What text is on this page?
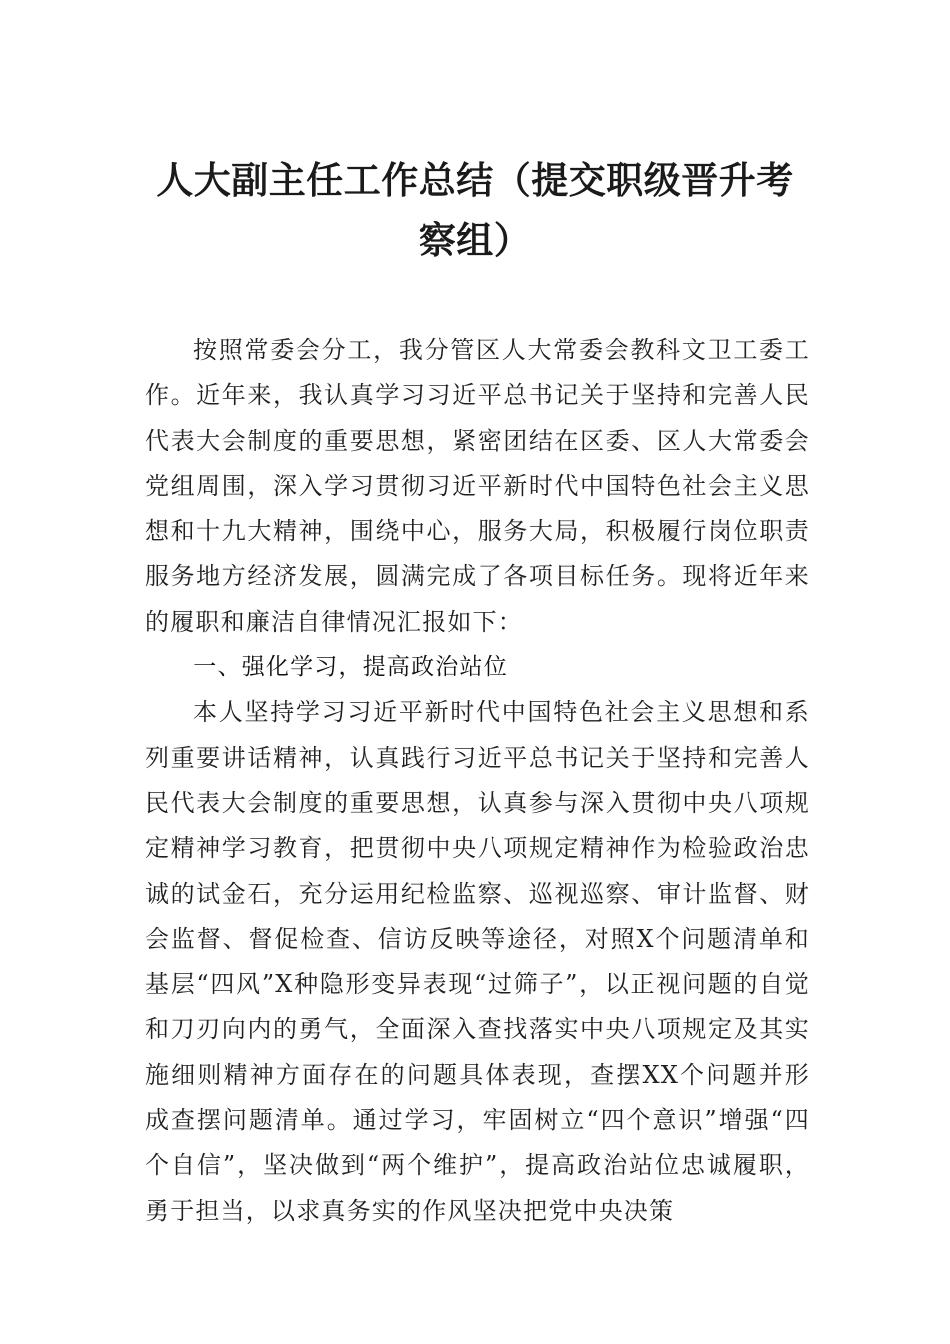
人大副主任工作总结（提交职级晋升考察组）

按照常委会分工，我分管区人大常委会教科文卫工委工作。近年来，我认真学习习近平总书记关于坚持和完善人民代表大会制度的重要思想，紧密团结在区委、区人大常委会党组周围，深入学习贯彻习近平新时代中国特色社会主义思想和十九大精神，围绕中心，服务大局，积极履行岗位职责服务地方经济发展，圆满完成了各项目标任务。现将近年来的履职和廉洁自律情况汇报如下：

一、强化学习，提高政治站位

本人坚持学习习近平新时代中国特色社会主义思想和系列重要讲话精神，认真践行习近平总书记关于坚持和完善人民代表大会制度的重要思想，认真参与深入贯彻中央八项规定精神学习教育，把贯彻中央八项规定精神作为检验政治忠诚的试金石，充分运用纪检监察、巡视巡察、审计监督、财会监督、督促检查、信访反映等途径，对照X个问题清单和基层“四风”X种隐形变异表现“过筛子”，以正视问题的自觉和刀刃向内的勇气，全面深入查找落实中央八项规定及其实施细则精神方面存在的问题具体表现，查摆XX个问题并形成查摆问题清单。通过学习，牢固树立“四个意识”增强“四个自信”，坚决做到“两个维护”，提高政治站位忠诚履职，勇于担当，以求真务实的作风坚决把党中央决策
